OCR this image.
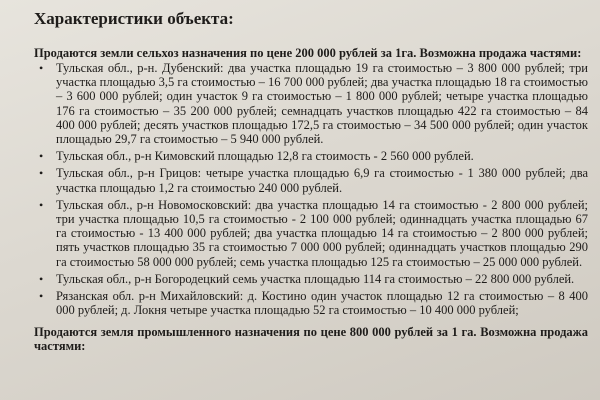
Характеристики объекта:
Продаются земли сельхоз назначения по цене 200 000 рублей за 1га. Возможна продажа частями:
• Тульская обл., р-н. Дубенский: два участка площадью 19 га стоимостью – 3 800 000 рублей; три участка площадью 3,5 га стоимостью – 16 700 000 рублей; два участка площадью 18 га стоимостью – 3 600 000 рублей; один участок 9 га стоимостью – 1 800 000 рублей; четыре участка площадью 176 га стоимостью – 35 200 000 рублей; семнадцать участков площадью 422 га стоимостью – 84 400 000 рублей; десять участков площадью 172,5 га стоимостью – 34 500 000 рублей; один участок площадью 29,7 га стоимостью – 5 940 000 рублей.
• Тульская обл., р-н Кимовский площадью 12,8 га стоимость - 2 560 000 рублей.
• Тульская обл., р-н Грицов: четыре участка площадью 6,9 га стоимостью - 1 380 000 рублей; два участка площадью 1,2 га стоимостью 240 000 рублей.
• Тульская обл., р-н Новомосковский: два участка площадью 14 га стоимостью - 2 800 000 рублей; три участка площадью 10,5 га стоимостью - 2 100 000 рублей; одиннадцать участка площадью 67 га стоимостью - 13 400 000 рублей; два участка площадью 14 га стоимостью – 2 800 000 рублей; пять участков площадью 35 га стоимостью 7 000 000 рублей; одиннадцать участков площадью 290 га стоимостью 58 000 000 рублей; семь участка площадью 125 га стоимостью – 25 000 000 рублей.
• Тульская обл., р-н Богородецкий семь участка площадью 114 га стоимостью – 22 800 000 рублей.
• Рязанская обл. р-н Михайловский: д. Костино один участок площадью 12 га стоимостью – 8 400 000 рублей; д. Локня четыре участка площадью 52 га стоимостью – 10 400 000 рублей;
Продаются земля промышленного назначения по цене 800 000 рублей за 1 га. Возможна продажа частями:
